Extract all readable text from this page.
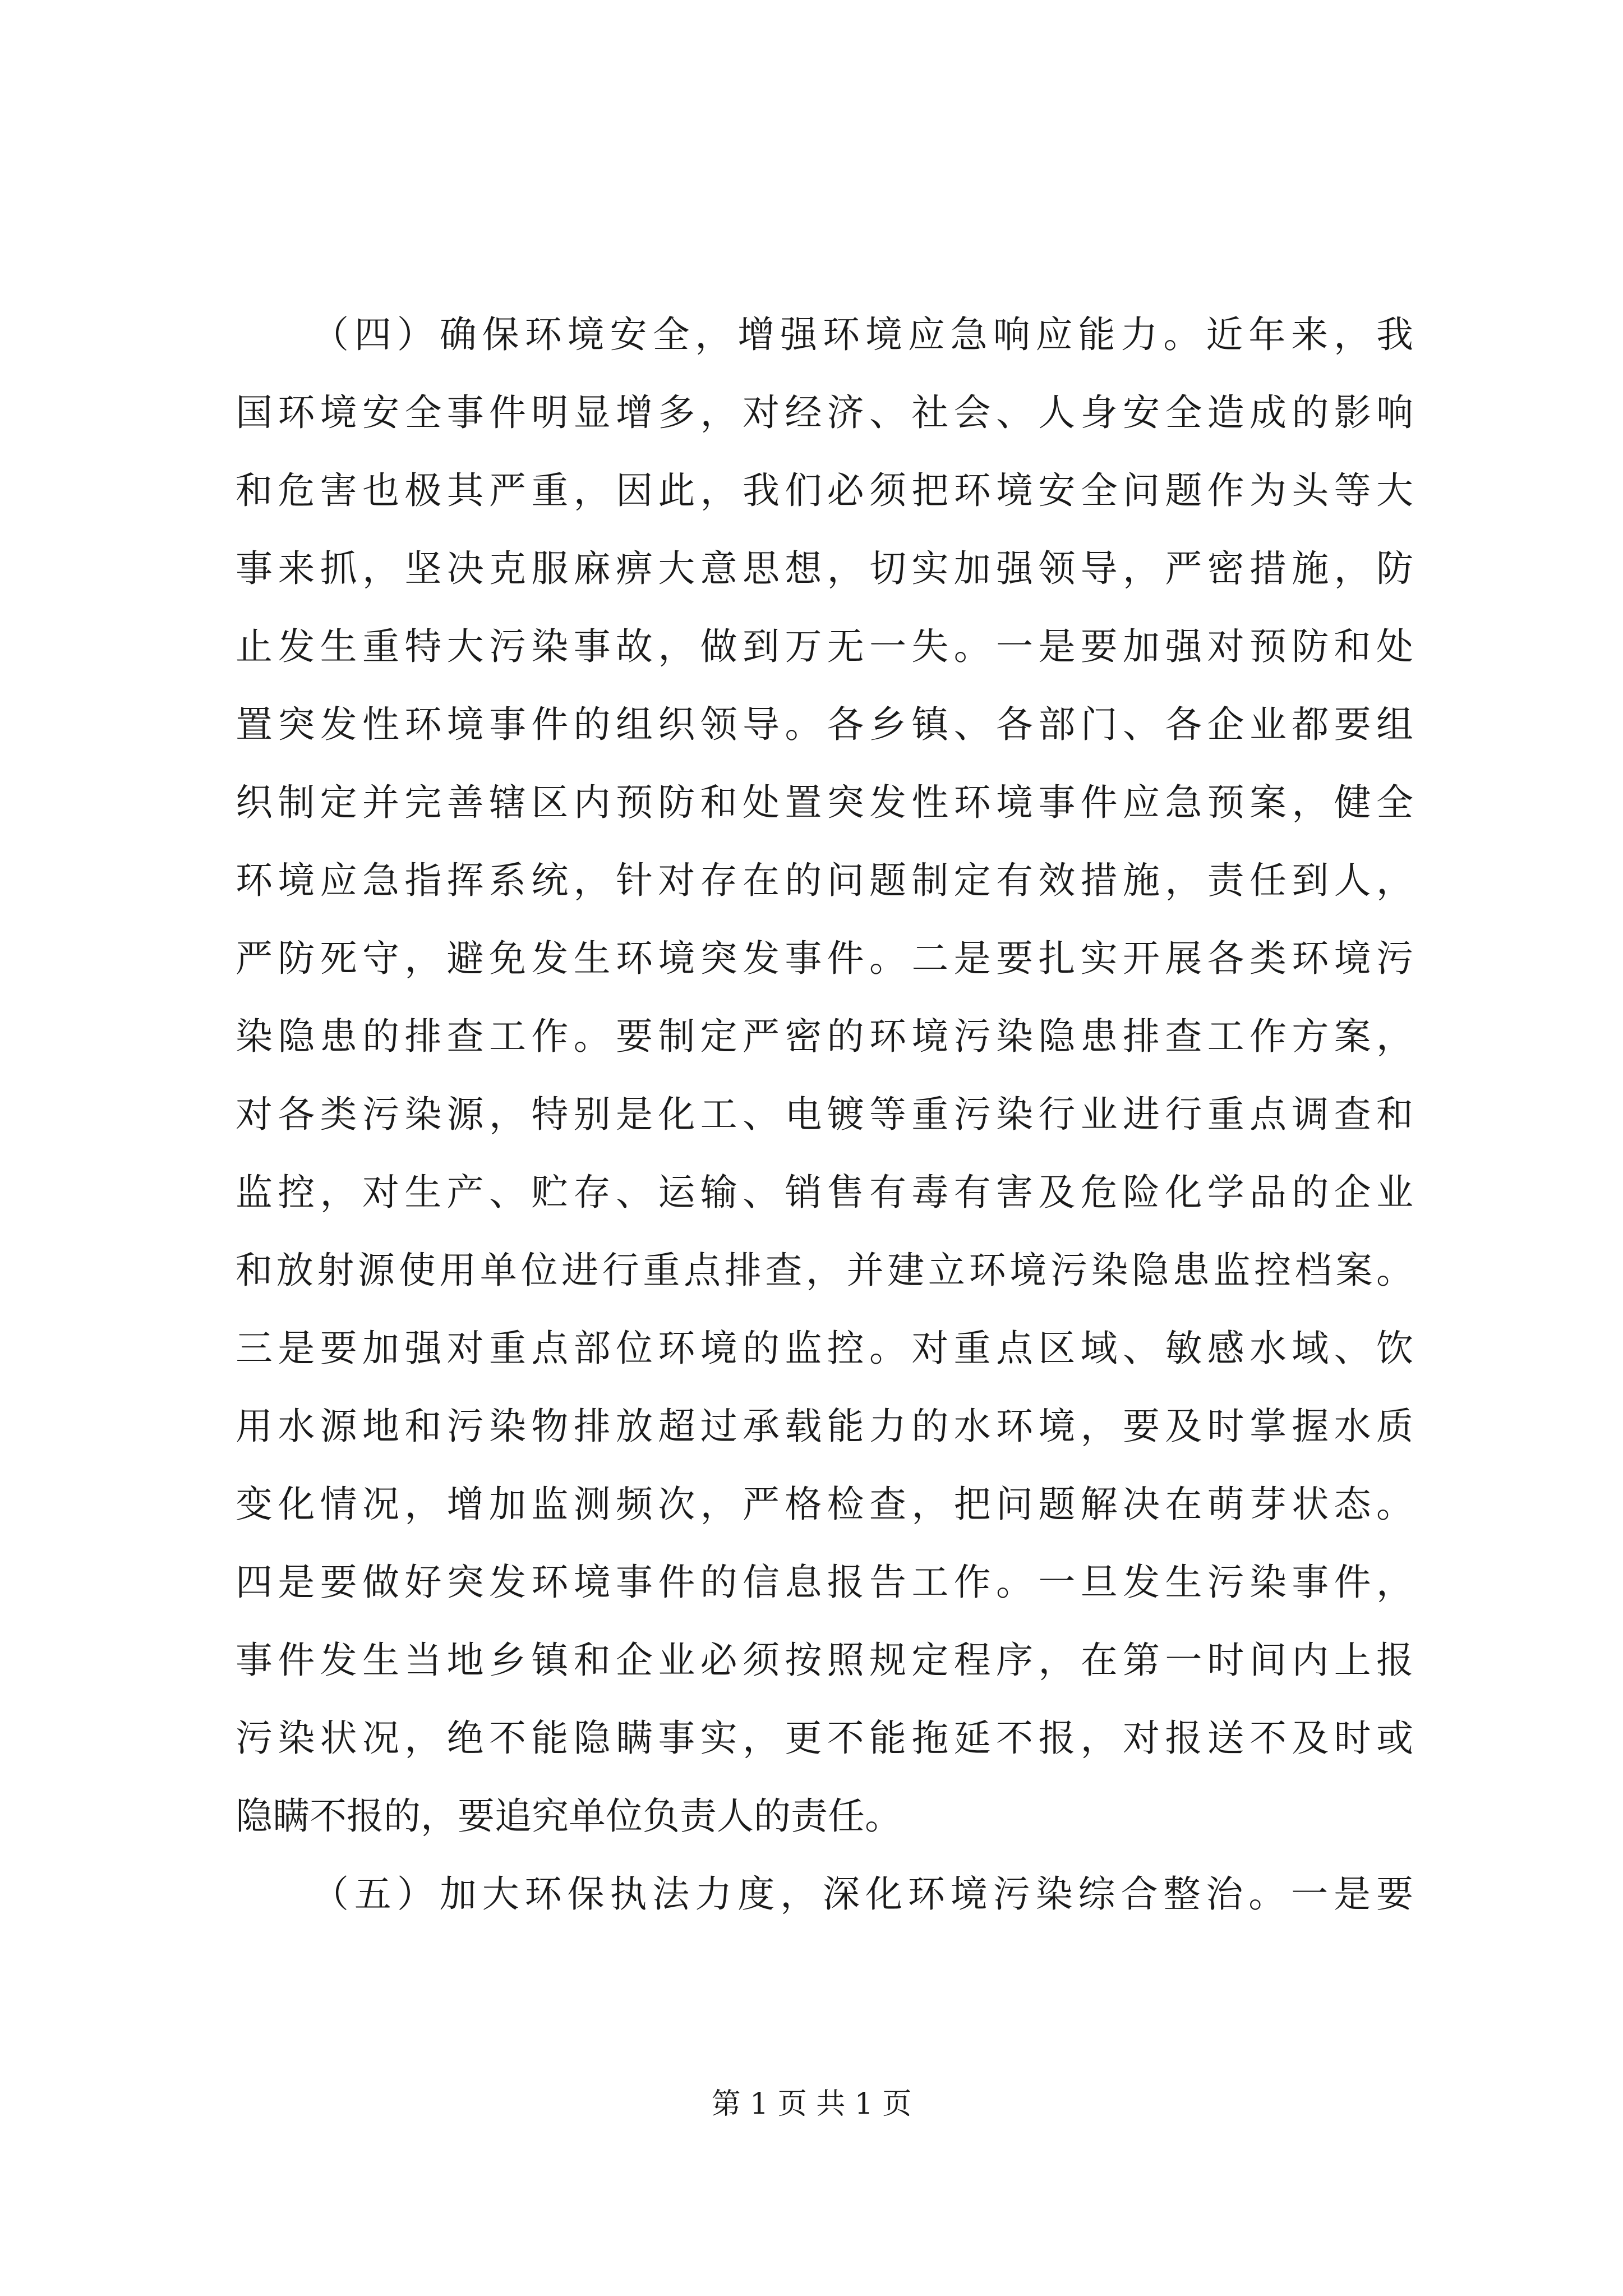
（四）确保环境安全，增强环境应急响应能力。近年来，我
国环境安全事件明显增多，对经济、社会、人身安全造成的影响
和危害也极其严重，因此，我们必须把环境安全问题作为头等大
事来抓，坚决克服麻痹大意思想，切实加强领导，严密措施，防
止发生重特大污染事故，做到万无一失。一是要加强对预防和处
置突发性环境事件的组织领导。各乡镇、各部门、各企业都要组
织制定并完善辖区内预防和处置突发性环境事件应急预案，健全
环境应急指挥系统，针对存在的问题制定有效措施，责任到人，
严防死守，避免发生环境突发事件。二是要扎实开展各类环境污
染隐患的排查工作。要制定严密的环境污染隐患排查工作方案，
对各类污染源，特别是化工、电镀等重污染行业进行重点调查和
监控，对生产、贮存、运输、销售有毒有害及危险化学品的企业
和放射源使用单位进行重点排查，并建立环境污染隐患监控档案。
三是要加强对重点部位环境的监控。对重点区域、敏感水域、饮
用水源地和污染物排放超过承载能力的水环境，要及时掌握水质
变化情况，增加监测频次，严格检查，把问题解决在萌芽状态。
四是要做好突发环境事件的信息报告工作。一旦发生污染事件，
事件发生当地乡镇和企业必须按照规定程序，在第一时间内上报
污染状况，绝不能隐瞒事实，更不能拖延不报，对报送不及时或
隐瞒不报的，要追究单位负责人的责任。
（五）加大环保执法力度，深化环境污染综合整治。一是要
第 1 页 共 1 页
